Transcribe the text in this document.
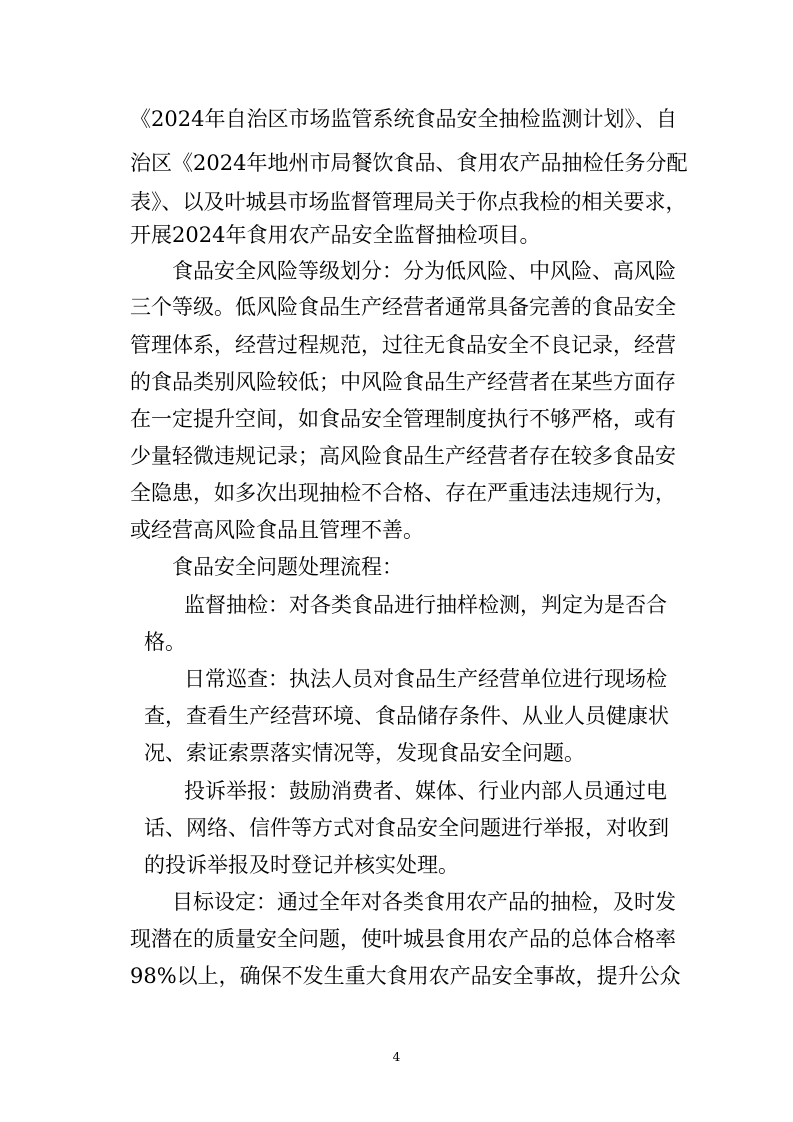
《2024年自治区市场监管系统食品安全抽检监测计划》、自
治区《2024年地州市局餐饮食品、食用农产品抽检任务分配
表》、以及叶城县市场监督管理局关于你点我检的相关要求，
开展2024年食用农产品安全监督抽检项目。
食品安全风险等级划分：分为低风险、中风险、高风险
三个等级。低风险食品生产经营者通常具备完善的食品安全
管理体系，经营过程规范，过往无食品安全不良记录，经营
的食品类别风险较低；中风险食品生产经营者在某些方面存
在一定提升空间，如食品安全管理制度执行不够严格，或有
少量轻微违规记录；高风险食品生产经营者存在较多食品安
全隐患，如多次出现抽检不合格、存在严重违法违规行为，
或经营高风险食品且管理不善。
食品安全问题处理流程：
监督抽检：对各类食品进行抽样检测，判定为是否合
格。
日常巡查：执法人员对食品生产经营单位进行现场检
查，查看生产经营环境、食品储存条件、从业人员健康状
况、索证索票落实情况等，发现食品安全问题。
投诉举报：鼓励消费者、媒体、行业内部人员通过电
话、网络、信件等方式对食品安全问题进行举报，对收到
的投诉举报及时登记并核实处理。
目标设定：通过全年对各类食用农产品的抽检，及时发
现潜在的质量安全问题，使叶城县食用农产品的总体合格率
98%以上，确保不发生重大食用农产品安全事故，提升公众
4
